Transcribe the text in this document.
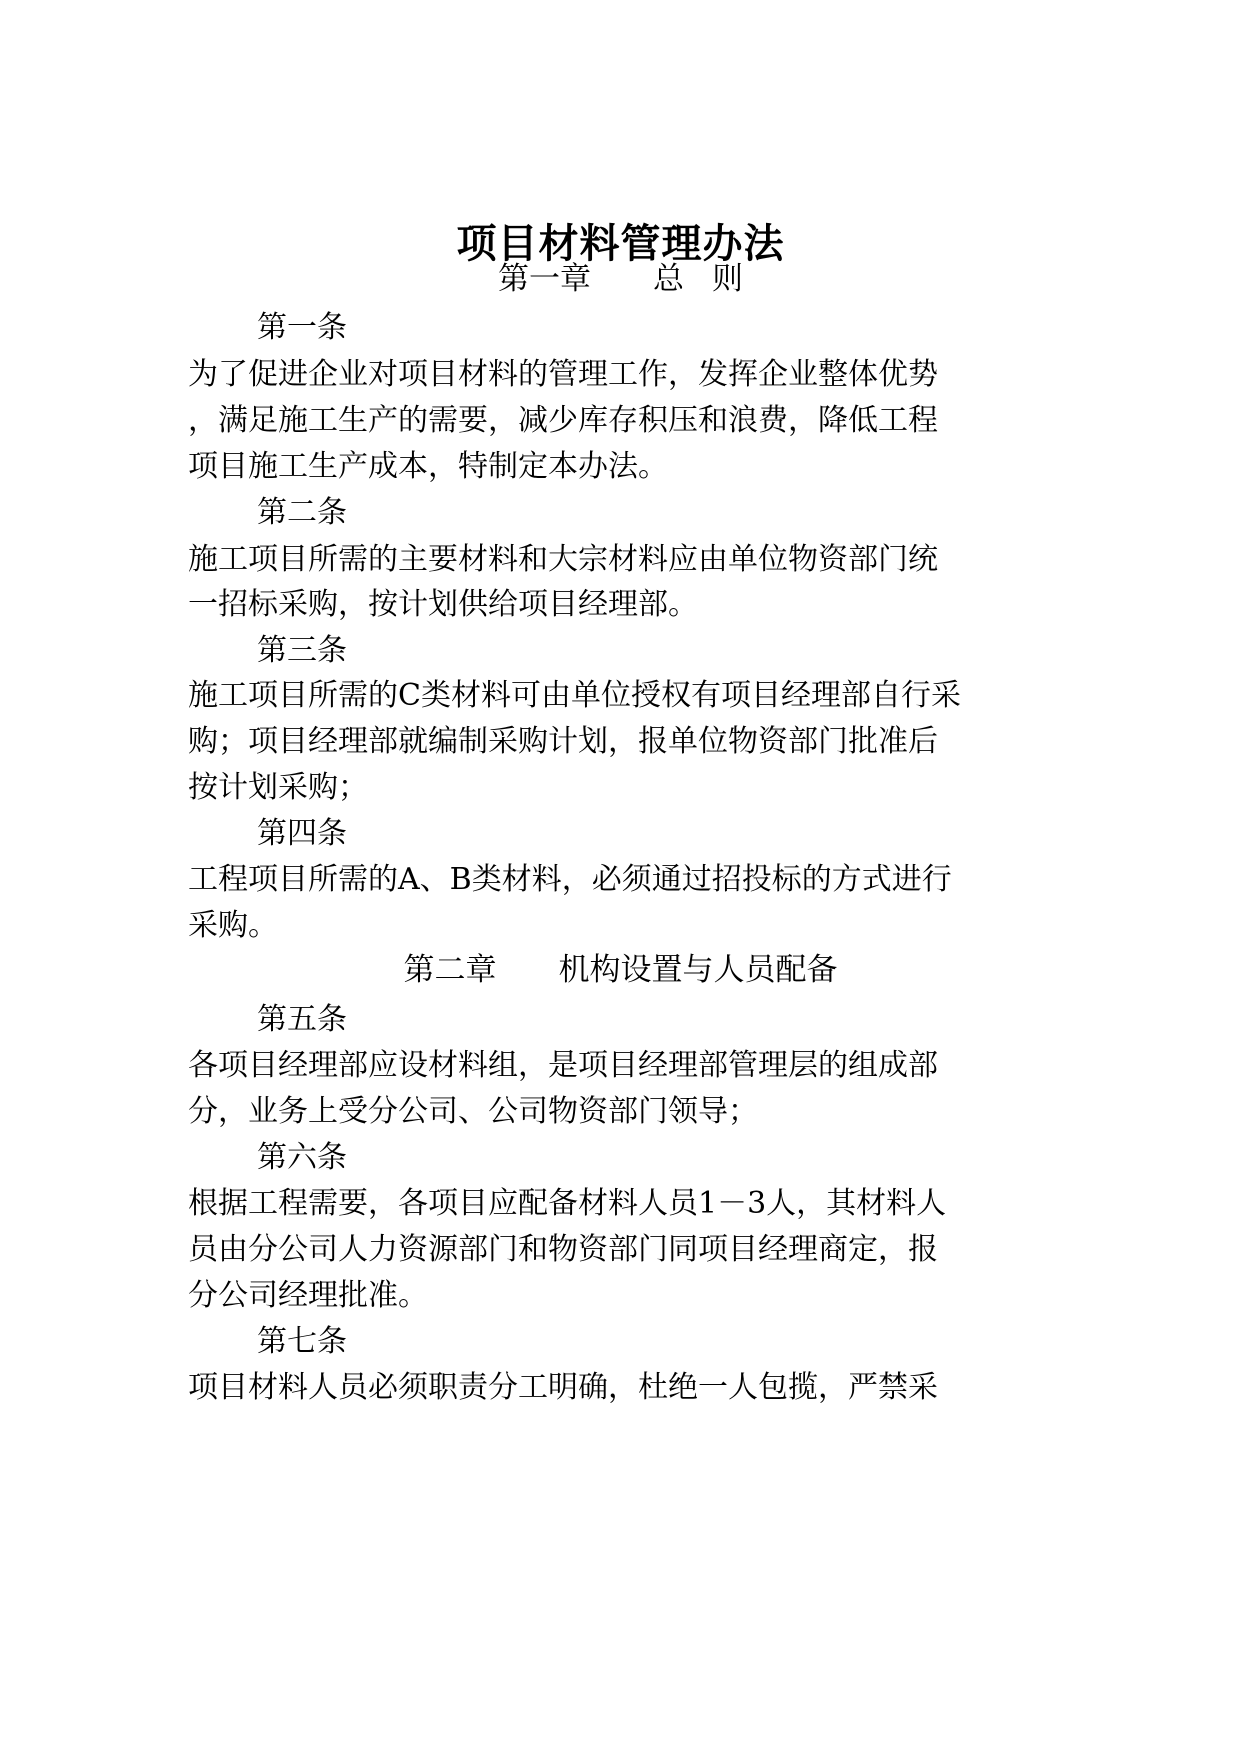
项目材料管理办法
第一章 总 则
第一条
为了促进企业对项目材料的管理工作，发挥企业整体优势
，满足施工生产的需要，减少库存积压和浪费，降低工程
项目施工生产成本，特制定本办法。
第二条
施工项目所需的主要材料和大宗材料应由单位物资部门统
一招标采购，按计划供给项目经理部。
第三条
施工项目所需的C类材料可由单位授权有项目经理部自行采
购；项目经理部就编制采购计划，报单位物资部门批准后
按计划采购；
第四条
工程项目所需的A、B类材料，必须通过招投标的方式进行
采购。
第二章 机构设置与人员配备
第五条
各项目经理部应设材料组，是项目经理部管理层的组成部
分，业务上受分公司、公司物资部门领导；
第六条
根据工程需要，各项目应配备材料人员1－3人，其材料人
员由分公司人力资源部门和物资部门同项目经理商定，报
分公司经理批准。
第七条
项目材料人员必须职责分工明确，杜绝一人包揽，严禁采
